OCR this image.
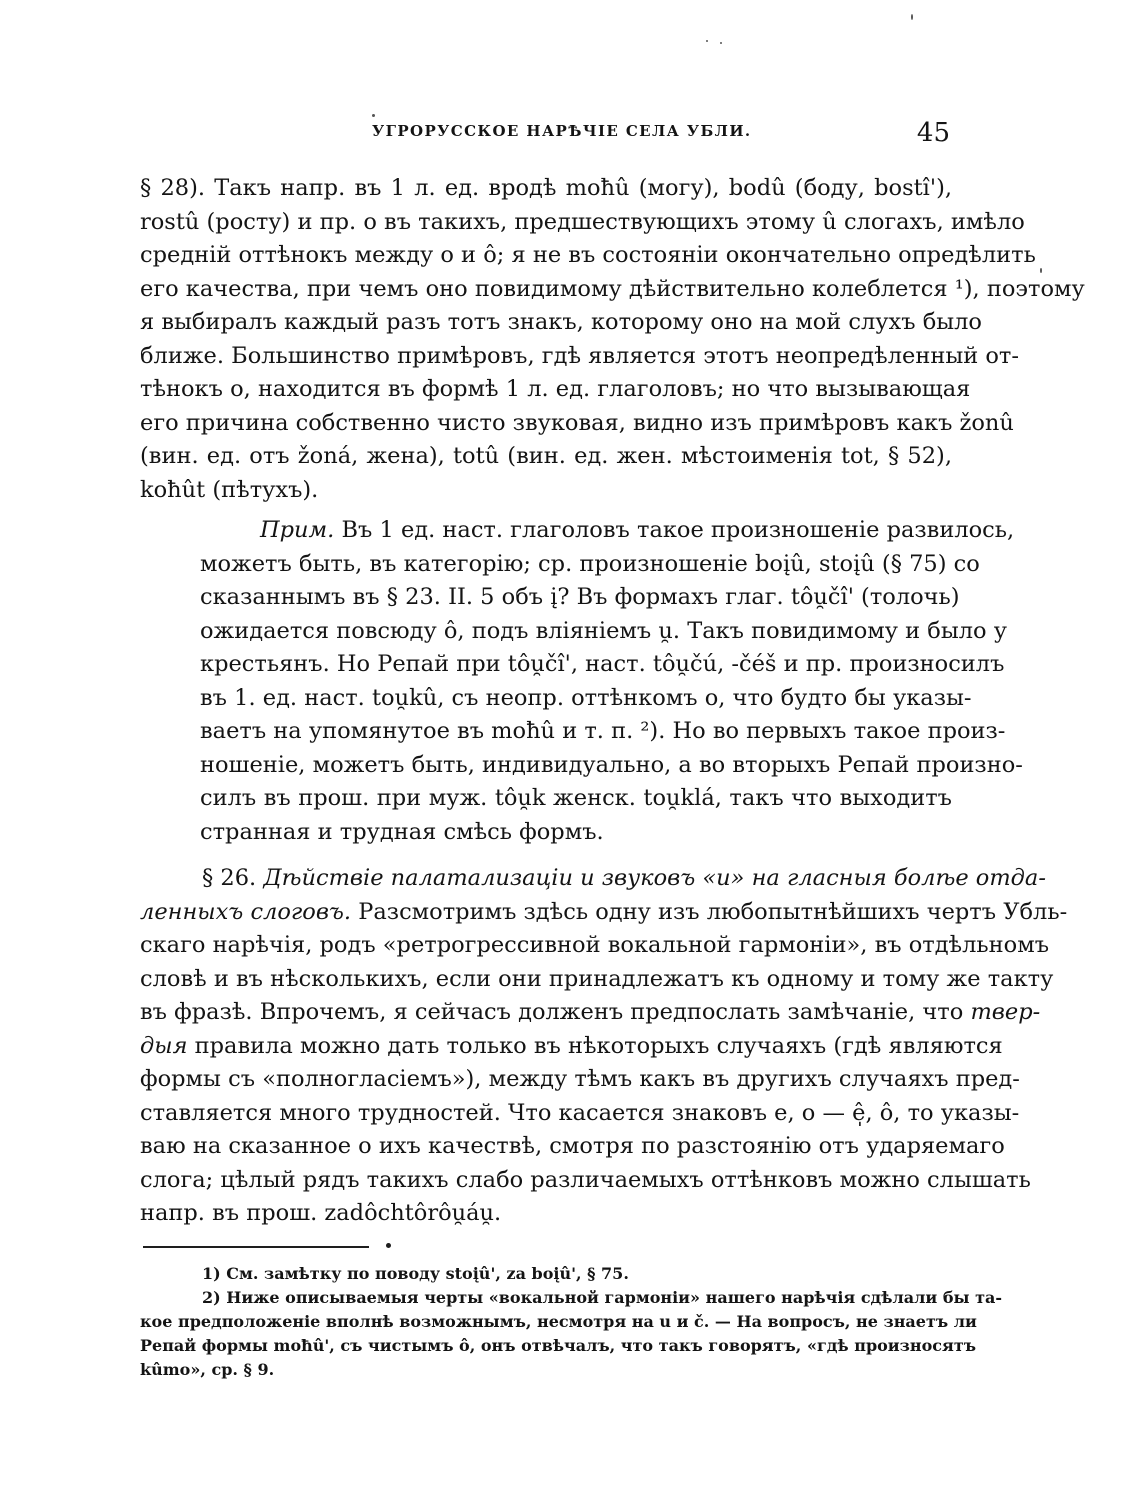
УГРОРУССКОЕ НАРѢЧIЕ СЕЛА УБЛИ.	45
§ 28). Такъ напр. въ 1 л. ед. вродѣ moħû (могу), bodû (боду, bostî'),
rostû (росту) и пр. о въ такихъ, предшествующихъ этому û слогахъ, имѣло
средній оттѣнокъ между о и ô; я не въ состояніи окончательно опредѣлить
его качества, при чемъ оно повидимому дѣйствительно колеблется ¹), поэтому
я выбиралъ каждый разъ тотъ знакъ, которому оно на мой слухъ было
ближе. Большинство примѣровъ, гдѣ является этотъ неопредѣленный от-
тѣнокъ o, находится въ формѣ 1 л. ед. глаголовъ; но что вызывающая
его причина собственно чисто звуковая, видно изъ примѣровъ какъ žonû
(вин. ед. отъ žoná, жена), totû (вин. ед. жен. мѣстоименія tot, § 52),
koħût (пѣтухъ).
Прим. Въ 1 ед. наст. глаголовъ такое произношеніе развилось,
можетъ быть, въ категорію; ср. произношеніе boįû, stoįû (§ 75) со
сказаннымъ въ § 23. II. 5 объ į? Въ формахъ глаг. tôu̯čî' (толочь)
ожидается повсюду ô, подъ вліяніемъ u̯. Такъ повидимому и было у
крестьянъ. Но Репай при tôu̯čî', наст. tôu̯čú, -čéš и пр. произносилъ
въ 1. ед. наст. tou̯kû, съ неопр. оттѣнкомъ o, что будто бы указы-
ваетъ на упомянутое въ moħû и т. п. ²). Но во первыхъ такое произ-
ношеніе, можетъ быть, индивидуально, а во вторыхъ Репай произно-
силъ въ прош. при муж. tôu̯k женск. tou̯klá, такъ что выходитъ
странная и трудная смѣсь формъ.
§ 26. Дѣйствіе палатализаціи и звуковъ «u» на гласныя болѣе отда-
ленныхъ слоговъ. Разсмотримъ здѣсь одну изъ любопытнѣйшихъ чертъ Убль-
скаго нарѣчія, родъ «ретрогрессивной вокальной гармоніи», въ отдѣльномъ
словѣ и въ нѣсколькихъ, если они принадлежатъ къ одному и тому же такту
въ фразѣ. Впрочемъ, я сейчасъ долженъ предпослать замѣчаніе, что твер-
дыя правила можно дать только въ нѣкоторыхъ случаяхъ (гдѣ являются
формы съ «полногласіемъ»), между тѣмъ какъ въ другихъ случаяхъ пред-
ставляется много трудностей. Что касается знаковъ e, o — ê̩, ô, то указы-
ваю на сказанное о ихъ качествѣ, смотря по разстоянію отъ ударяемаго
слога; цѣлый рядъ такихъ слабо различаемыхъ оттѣнковъ можно слышать
напр. въ прош. zadôchtôrôu̯áu̯.
1) См. замѣтку по поводу stoįû', za boįû', § 75.
2) Ниже описываемыя черты «вокальной гармоніи» нашего нарѣчія сдѣлали бы та-
кое предположеніе вполнѣ возможнымъ, несмотря на u и č. — На вопросъ, не знаетъ ли
Репай формы moħû', съ чистымъ ô, онъ отвѣчалъ, что такъ говорятъ, «гдѣ произносятъ
kûmo», ср. § 9.
